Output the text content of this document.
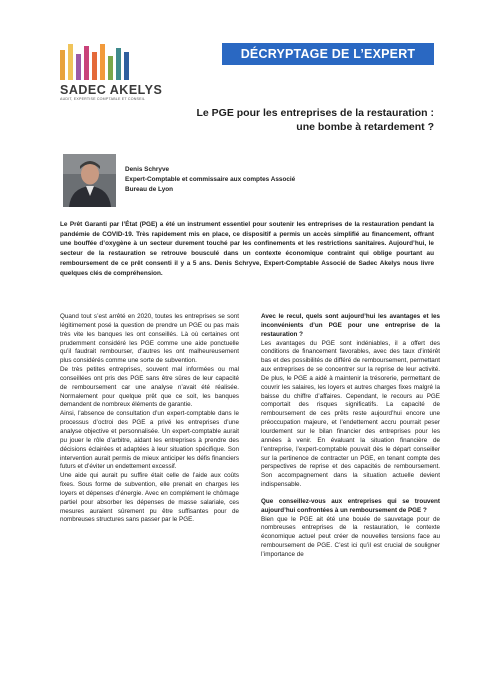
SADEC AKELYS
AUDIT, EXPERTISE COMPTABLE ET CONSEIL
DÉCRYPTAGE DE L’EXPERT
Le PGE pour les entreprises de la restauration :
une bombe à retardement ?
Denis Schryve
Expert-Comptable et commissaire aux comptes Associé
Bureau de Lyon
Le Prêt Garanti par l’État (PGE) a été un instrument essentiel pour soutenir les entreprises de la restauration pendant la pandémie de COVID-19. Très rapidement mis en place, ce dispositif a permis un accès simplifié au financement, offrant une bouffée d’oxygène à un secteur durement touché par les confinements et les restrictions sanitaires. Aujourd’hui, le secteur de la restauration se retrouve bousculé dans un contexte économique contraint qui oblige pourtant au remboursement de ce prêt consenti il y a 5 ans. Denis Schryve, Expert-Comptable Associé de Sadec Akelys nous livre quelques clés de compréhension.

Quand tout s’est arrêté en 2020, toutes les entreprises se sont légitimement posé la question de prendre un PGE ou pas mais très vite les banques les ont conseillés. Là où certaines ont prudemment considéré les PGE comme une aide ponctuelle qu’il faudrait rembourser, d’autres les ont malheureusement plus considérés comme une sorte de subvention.

De très petites entreprises, souvent mal informées ou mal conseillées ont pris des PGE sans être sûres de leur capacité de remboursement car une analyse n’avait été réalisée. Normalement pour quelque prêt que ce soit, les banques demandent de nombreux éléments de garantie.

Ainsi, l’absence de consultation d’un expert-comptable dans le processus d’octroi des PGE a privé les entreprises d’une analyse objective et personnalisée. Un expert-comptable aurait pu jouer le rôle d’arbitre, aidant les entreprises à prendre des décisions éclairées et adaptées à leur situation spécifique. Son intervention aurait permis de mieux anticiper les défis financiers futurs et d’éviter un endettement excessif.

Une aide qui aurait pu suffire était celle de l’aide aux coûts fixes. Sous forme de subvention, elle prenait en charges les loyers et dépenses d’énergie. Avec en complément le chômage partiel pour absorber les dépenses de masse salariale, ces mesures auraient sûrement pu être suffisantes pour de nombreuses structures sans passer par le PGE.

Avec le recul, quels sont aujourd’hui les avantages et les inconvénients d’un PGE pour une entreprise de la restauration ?

Les avantages du PGE sont indéniables, il a offert des conditions de financement favorables, avec des taux d’intérêt bas et des possibilités de différé de remboursement, permettant aux entreprises de se concentrer sur la reprise de leur activité. De plus, le PGE a aidé à maintenir la trésorerie, permettant de couvrir les salaires, les loyers et autres charges fixes malgré la baisse du chiffre d’affaires. Cependant, le recours au PGE comportait des risques significatifs. La capacité de remboursement de ces prêts reste aujourd’hui encore une préoccupation majeure, et l’endettement accru pourrait peser lourdement sur le bilan financier des entreprises pour les années à venir. En évaluant la situation financière de l’entreprise, l’expert-comptable pouvait dès le départ conseiller sur la pertinence de contracter un PGE, en tenant compte des perspectives de reprise et des capacités de remboursement. Son accompagnement dans la situation actuelle devient indispensable.

Que conseillez-vous aux entreprises qui se trouvent aujourd’hui confrontées à un remboursement de PGE ?

Bien que le PGE ait été une bouée de sauvetage pour de nombreuses entreprises de la restauration, le contexte économique actuel peut créer de nouvelles tensions face au remboursement de PGE. C’est ici qu’il est crucial de souligner l’importance de
